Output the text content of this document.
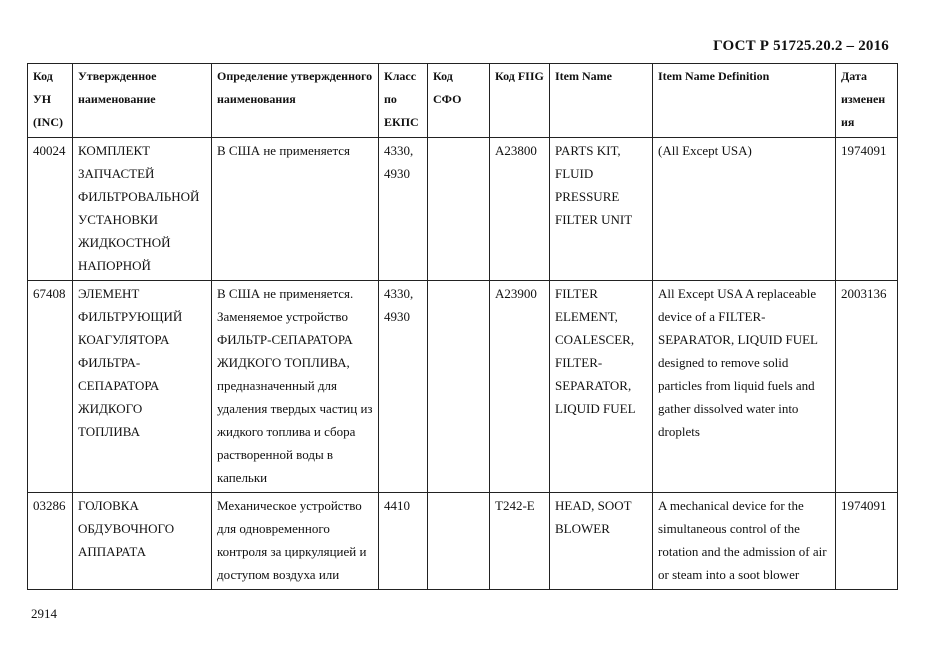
ГОСТ Р 51725.20.2 – 2016
Код УН (INC)	Утвержденное наименование	Определение утвержденного наименования	Класс по ЕКПС	Код СФО	Код FIIG	Item Name	Item Name Definition	Дата изменения
40024	КОМПЛЕКТ ЗАПЧАСТЕЙ ФИЛЬТРОВАЛЬНОЙ УСТАНОВКИ ЖИДКОСТНОЙ НАПОРНОЙ	В США не применяется	4330, 4930		A23800	PARTS KIT, FLUID PRESSURE FILTER UNIT	(All Except USA)	1974091
67408	ЭЛЕМЕНТ ФИЛЬТРУЮЩИЙ КОАГУЛЯТОРА ФИЛЬТРА-СЕПАРАТОРА ЖИДКОГО ТОПЛИВА	В США не применяется. Заменяемое устройство ФИЛЬТР-СЕПАРАТОРА ЖИДКОГО ТОПЛИВА, предназначенный для удаления твердых частиц из жидкого топлива и сбора растворенной воды в капельки	4330, 4930		A23900	FILTER ELEMENT, COALESCER, FILTER-SEPARATOR, LIQUID FUEL	All Except USA A replaceable device of a FILTER-SEPARATOR, LIQUID FUEL designed to remove solid particles from liquid fuels and gather dissolved water into droplets	2003136
03286	ГОЛОВКА ОБДУВОЧНОГО АППАРАТА	Механическое устройство для одновременного контроля за циркуляцией и доступом воздуха или	4410		T242-E	HEAD, SOOT BLOWER	A mechanical device for the simultaneous control of the rotation and the admission of air or steam into a soot blower	1974091
2914
